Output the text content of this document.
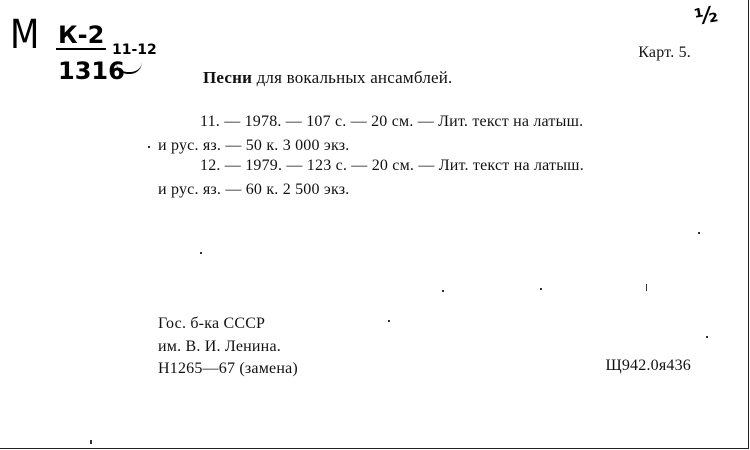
М К-2
1316
11-12
½
Карт. 5.
Песни для вокальных ансамблей.
11. — 1978. — 107 с. — 20 см. — Лит. текст на латыш.
и рус. яз. — 50 к. 3 000 экз.
12. — 1979. — 123 с. — 20 см. — Лит. текст на латыш.
и рус. яз. — 60 к. 2 500 экз.
Гос. б-ка СССР
им. В. И. Ленина.
Н1265—67 (замена)	Щ942.0я436
